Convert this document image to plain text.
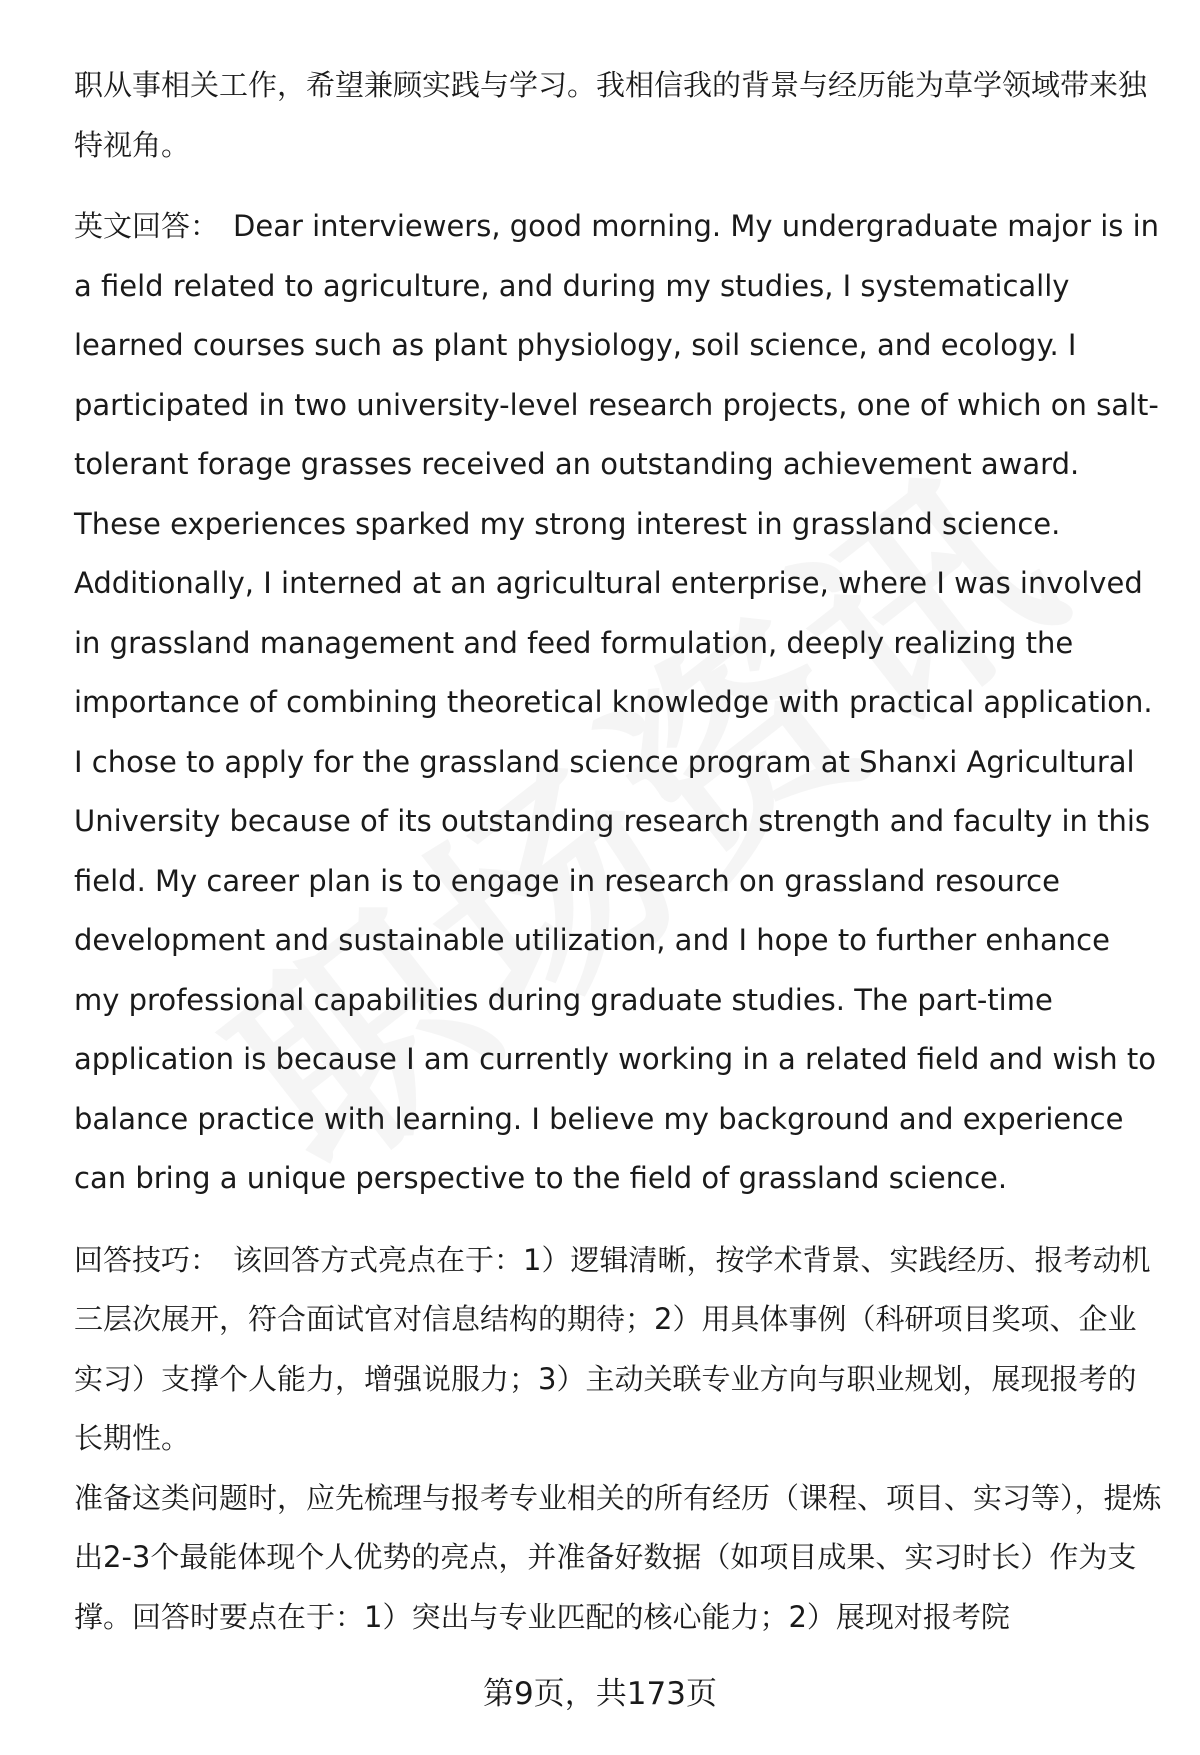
职从事相关工作，希望兼顾实践与学习。我相信我的背景与经历能为草学领域带来独特视角。

英文回答： Dear interviewers, good morning. My undergraduate major is in a field related to agriculture, and during my studies, I systematically learned courses such as plant physiology, soil science, and ecology. I participated in two university-level research projects, one of which on salt-tolerant forage grasses received an outstanding achievement award. These experiences sparked my strong interest in grassland science. Additionally, I interned at an agricultural enterprise, where I was involved in grassland management and feed formulation, deeply realizing the importance of combining theoretical knowledge with practical application. I chose to apply for the grassland science program at Shanxi Agricultural University because of its outstanding research strength and faculty in this field. My career plan is to engage in research on grassland resource development and sustainable utilization, and I hope to further enhance my professional capabilities during graduate studies. The part-time application is because I am currently working in a related field and wish to balance practice with learning. I believe my background and experience can bring a unique perspective to the field of grassland science.

回答技巧： 该回答方式亮点在于：1）逻辑清晰，按学术背景、实践经历、报考动机三层次展开，符合面试官对信息结构的期待；2）用具体事例（科研项目奖项、企业实习）支撑个人能力，增强说服力；3）主动关联专业方向与职业规划，展现报考的长期性。

准备这类问题时，应先梳理与报考专业相关的所有经历（课程、项目、实习等），提炼出2-3个最能体现个人优势的亮点，并准备好数据（如项目成果、实习时长）作为支撑。回答时要点在于：1）突出与专业匹配的核心能力；2）展现对报考院

第9页，共173页
